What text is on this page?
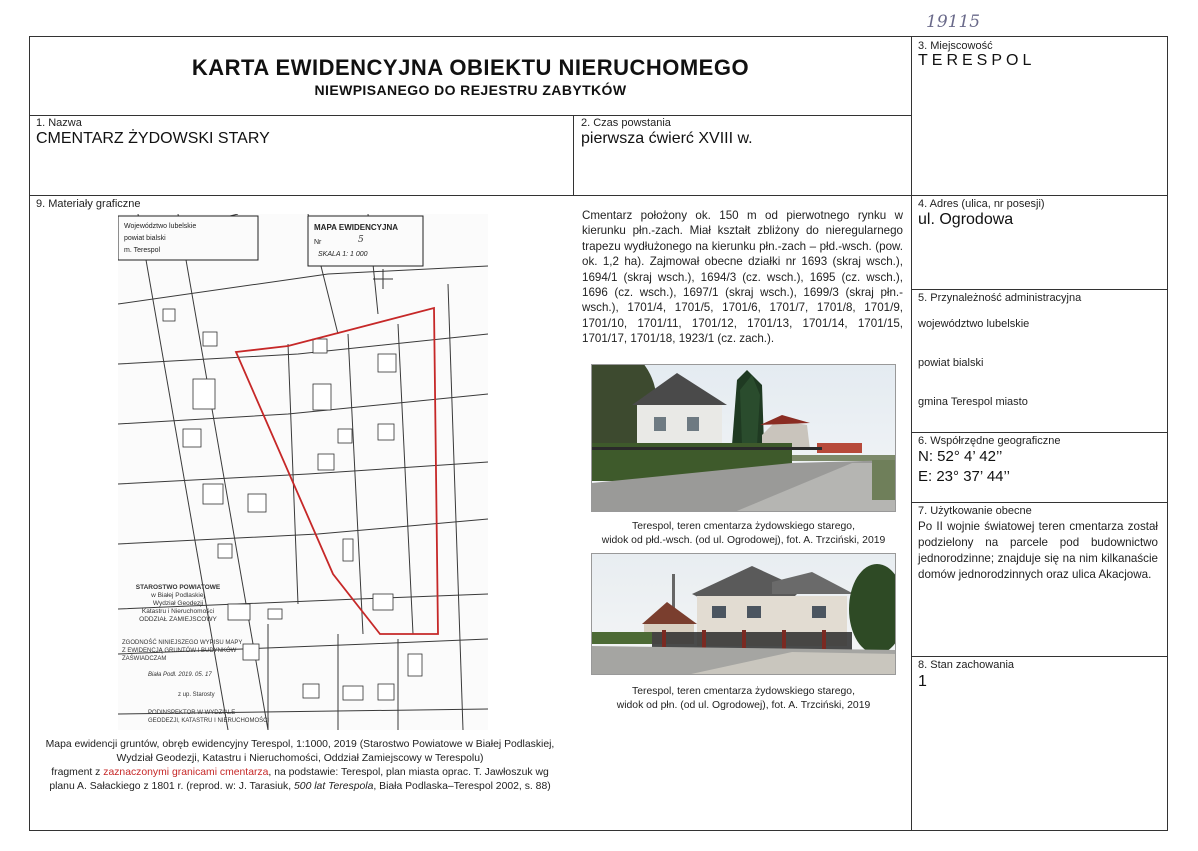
19115
KARTA EWIDENCYJNA OBIEKTU NIERUCHOMEGO
NIEWPISANEGO DO REJESTRU ZABYTKÓW
3. Miejscowość
TERESPOL
1. Nazwa
CMENTARZ ŻYDOWSKI STARY
2. Czas powstania
pierwsza ćwierć XVIII w.
9. Materiały graficzne	4. Adres (ulica, nr posesji)
ul. Ogrodowa
5. Przynależność administracyjna
województwo lubelskie
powiat bialski
gmina Terespol miasto
6. Współrzędne geograficzne
N: 52° 4’ 42’’
E: 23° 37’ 44’’
7. Użytkowanie obecne
Po II wojnie światowej teren cmentarza został podzielony na parcele pod budownictwo jednorodzinne; znajduje się na nim kilkanaście domów jednorodzinnych oraz ulica Akacjowa.
8. Stan zachowania
1
Cmentarz położony ok. 150 m od pierwotnego rynku w kierunku płn.-zach. Miał kształt zbliżony do nieregularnego trapezu wydłużonego na kierunku płn.-zach – płd.-wsch. (pow. ok. 1,2 ha). Zajmował obecne działki nr 1693 (skraj wsch.), 1694/1 (skraj wsch.), 1694/3 (cz. wsch.), 1695 (cz. wsch.), 1696 (cz. wsch.), 1697/1 (skraj wsch.), 1699/3 (skraj płn.-wsch.), 1701/4, 1701/5, 1701/6, 1701/7, 1701/8, 1701/9, 1701/10, 1701/11, 1701/12, 1701/13, 1701/14, 1701/15, 1701/17, 1701/18, 1923/1 (cz. zach.).
Terespol, teren cmentarza żydowskiego starego,
widok od płd.-wsch. (od ul. Ogrodowej), fot. A. Trzciński, 2019
Terespol, teren cmentarza żydowskiego starego,
widok od płn. (od ul. Ogrodowej), fot. A. Trzciński, 2019
Województwo lubelskie
powiat bialski
m. Terespol
MAPA EWIDENCYJNA
Nr	5
SKALA 1: 1 000
STAROSTWO POWIATOWE
w Białej Podlaskiej
Wydział Geodezji
Katastru i Nieruchomości
ODDZIAŁ ZAMIEJSCOWY
ZGODNOŚĆ NINIEJSZEGO WYPISU MAPY
Z EWIDENCJĄ GRUNTÓW I BUDYNKÓW
ZAŚWIADCZAM
Biała Podl. 2019. 05. 17
z up. Starosty
PODINSPEKTOR W WYDZIALE
GEODEZJI, KATASTRU I NIERUCHOMOŚCI
Mapa ewidencji gruntów, obręb ewidencyjny Terespol, 1:1000, 2019 (Starostwo Powiatowe w Białej Podlaskiej,
Wydział Geodezji, Katastru i Nieruchomości, Oddział Zamiejscowy w Terespolu)
fragment z zaznaczonymi granicami cmentarza, na podstawie: Terespol, plan miasta oprac. T. Jawłoszuk wg
planu A. Sałackiego z 1801 r. (reprod. w: J. Tarasiuk, 500 lat Terespola, Biała Podlaska–Terespol 2002, s. 88)
